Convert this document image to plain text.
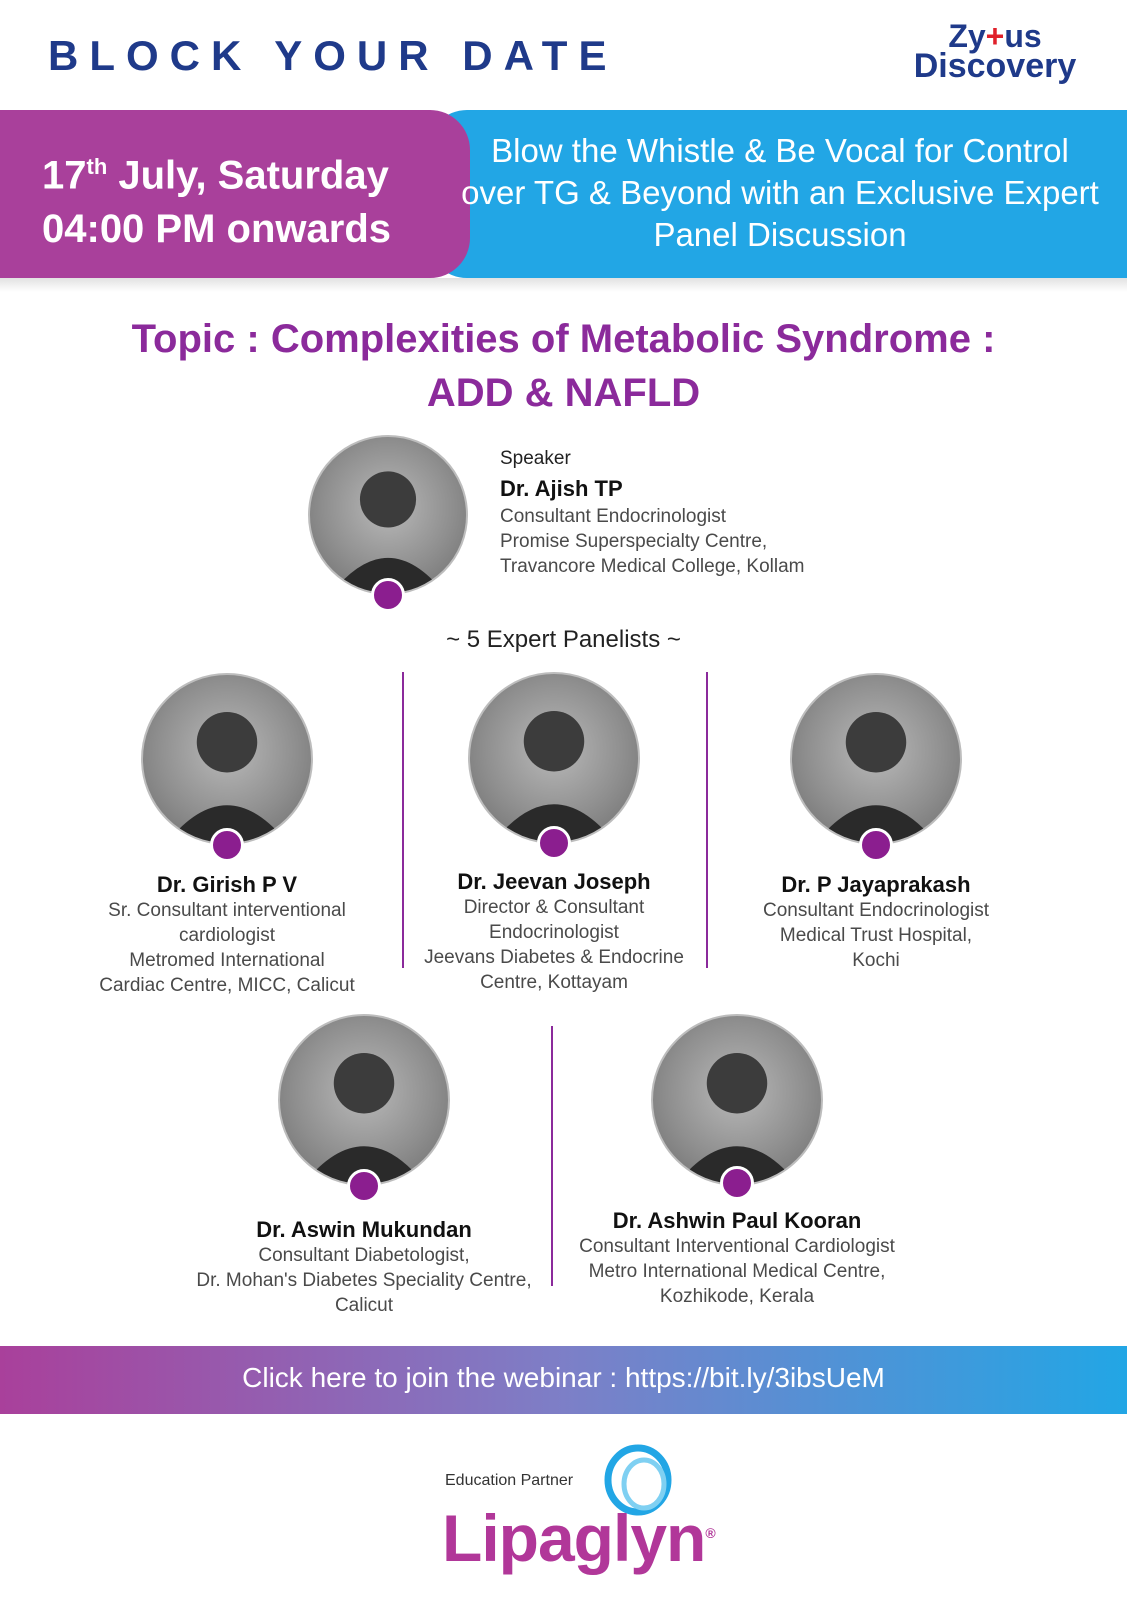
BLOCK YOUR DATE	Zy+us
Discovery
17th July, Saturday
04:00 PM onwards
Blow the Whistle & Be Vocal for Control over TG & Beyond with an Exclusive Expert Panel Discussion
Topic : Complexities of Metabolic Syndrome :
ADD & NAFLD
Speaker
Dr. Ajish TP
Consultant Endocrinologist
Promise Superspecialty Centre,
Travancore Medical College, Kollam
~ 5 Expert Panelists ~
Dr. Girish P V
Sr. Consultant interventional
cardiologist
Metromed International
Cardiac Centre, MICC, Calicut
Dr. Jeevan Joseph
Director & Consultant
Endocrinologist
Jeevans Diabetes & Endocrine
Centre, Kottayam
Dr. P Jayaprakash
Consultant Endocrinologist
Medical Trust Hospital,
Kochi
Dr. Aswin Mukundan
Consultant Diabetologist,
Dr. Mohan's Diabetes Speciality Centre,
Calicut
Dr. Ashwin Paul Kooran
Consultant Interventional Cardiologist
Metro International Medical Centre,
Kozhikode, Kerala
Click here to join the webinar : https://bit.ly/3ibsUeM
Education Partner
Lipaglyn®
